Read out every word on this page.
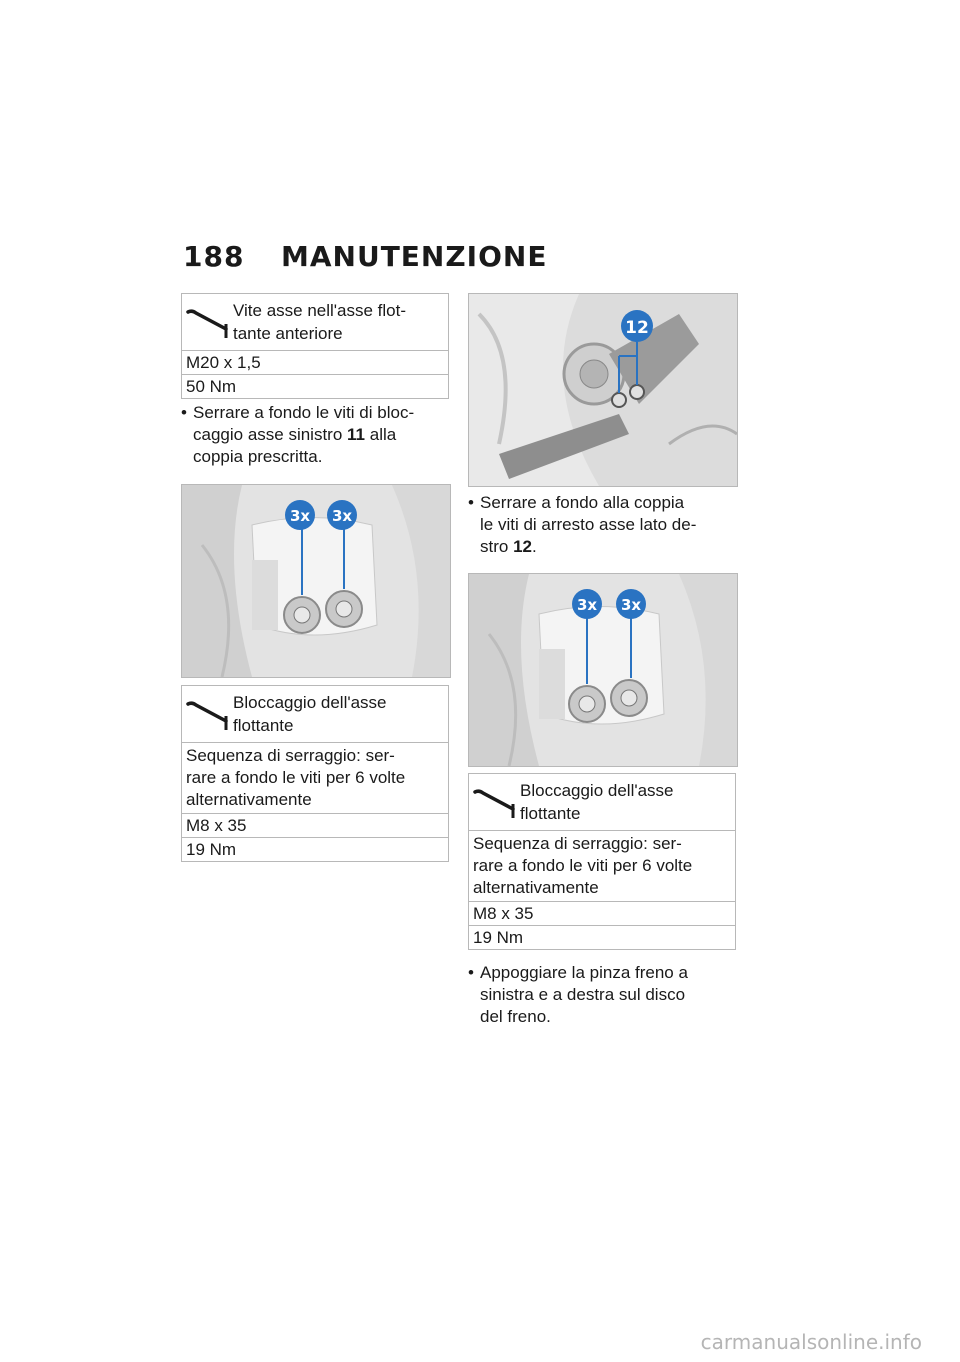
188 MANUTENZIONE
Vite asse nell'asse flot-
tante anteriore
M20 x 1,5
50 Nm
• Serrare a fondo le viti di bloc-
caggio asse sinistro 11 alla
coppia prescritta.
3x 3x
Bloccaggio dell'asse
flottante
Sequenza di serraggio: ser-
rare a fondo le viti per 6 volte
alternativamente
M8 x 35
19 Nm
12
• Serrare a fondo alla coppia
le viti di arresto asse lato de-
stro 12.
3x 3x
Bloccaggio dell'asse
flottante
Sequenza di serraggio: ser-
rare a fondo le viti per 6 volte
alternativamente
M8 x 35
19 Nm
• Appoggiare la pinza freno a
sinistra e a destra sul disco
del freno.
carmanualsonline.info
